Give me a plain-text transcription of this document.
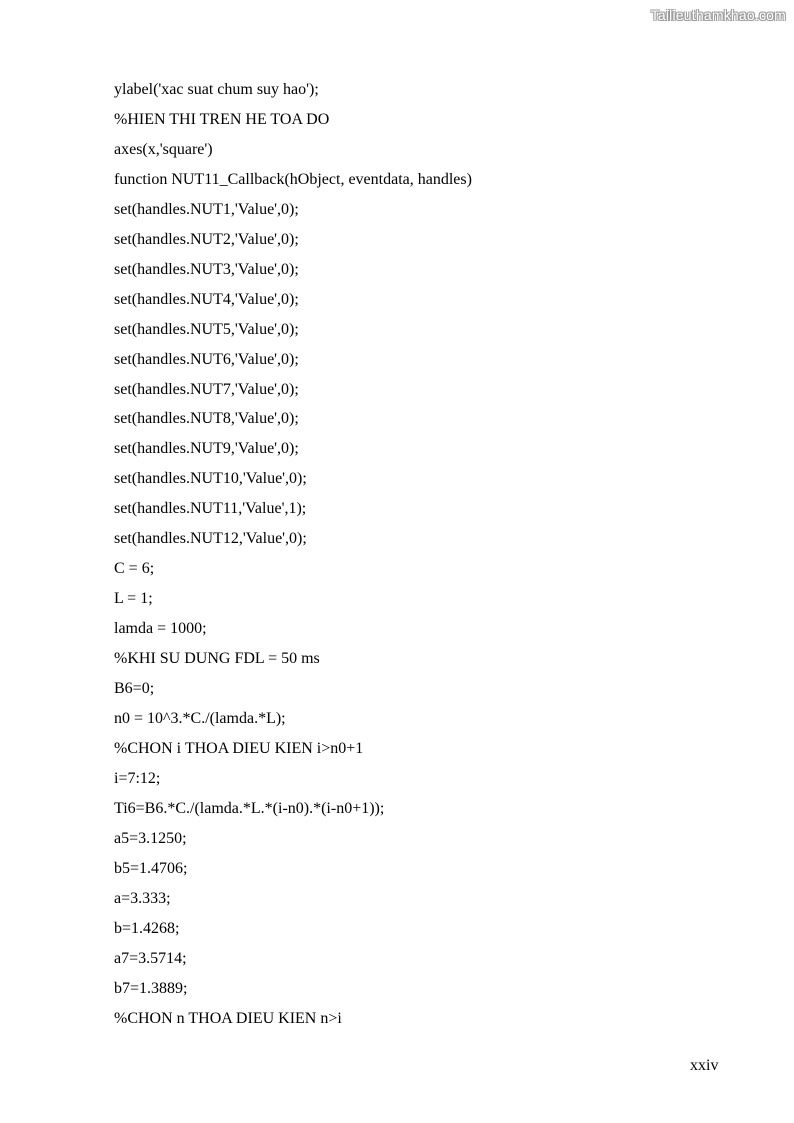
Tailieuthamkhao.com
ylabel('xac suat chum suy hao');
%HIEN THI TREN HE TOA DO
axes(x,'square')
function NUT11_Callback(hObject, eventdata, handles)
set(handles.NUT1,'Value',0);
set(handles.NUT2,'Value',0);
set(handles.NUT3,'Value',0);
set(handles.NUT4,'Value',0);
set(handles.NUT5,'Value',0);
set(handles.NUT6,'Value',0);
set(handles.NUT7,'Value',0);
set(handles.NUT8,'Value',0);
set(handles.NUT9,'Value',0);
set(handles.NUT10,'Value',0);
set(handles.NUT11,'Value',1);
set(handles.NUT12,'Value',0);
C = 6;
L = 1;
lamda = 1000;
%KHI SU DUNG FDL = 50 ms
B6=0;
n0 = 10^3.*C./(lamda.*L);
%CHON i THOA DIEU KIEN i>n0+1
i=7:12;
Ti6=B6.*C./(lamda.*L.*(i-n0).*(i-n0+1));
a5=3.1250;
b5=1.4706;
a=3.333;
b=1.4268;
a7=3.5714;
b7=1.3889;
%CHON n THOA DIEU KIEN n>i
xxiv
